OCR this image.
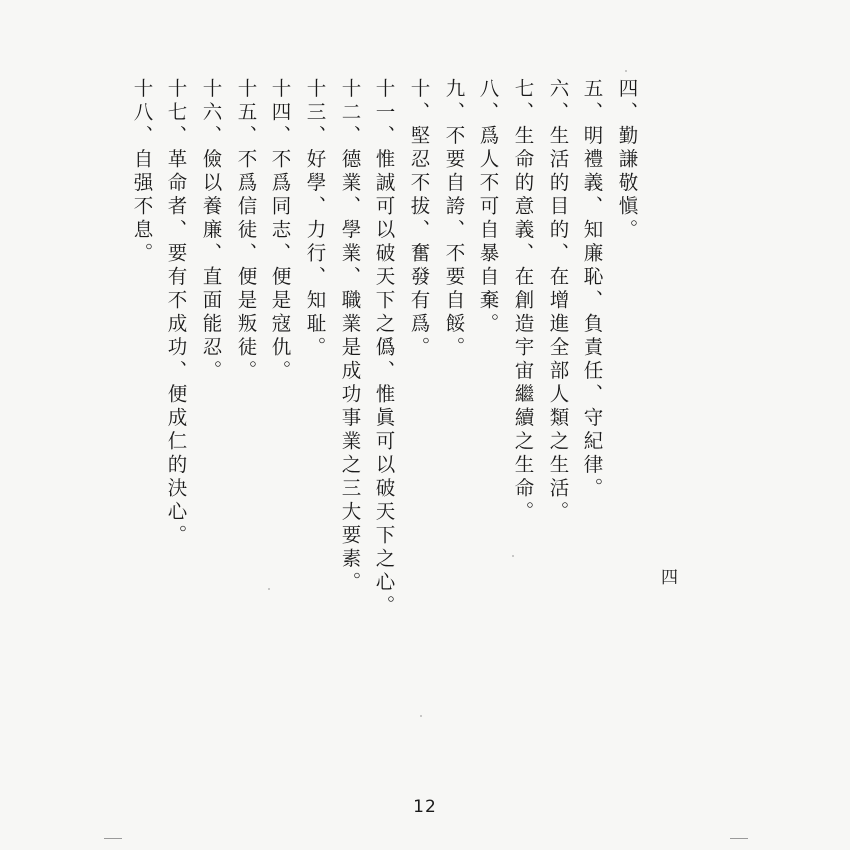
四、勤謙敬愼。
五、明禮義、知廉恥、負責任、守紀律。
六、生活的目的、在增進全部人類之生活。
七、生命的意義、在創造宇宙繼續之生命。
八、爲人不可自暴自棄。
九、不要自誇、不要自餒。
十、堅忍不拔、奮發有爲。
十一、惟誠可以破天下之僞、惟眞可以破天下之心。
十二、德業、學業、職業是成功事業之三大要素。
十三、好學、力行、知耻。
十四、不爲同志、便是寇仇。
十五、不爲信徒、便是叛徒。
十六、儉以養廉、直面能忍。
十七、革命者、要有不成功、便成仁的決心。
十八、自强不息。
四
12
